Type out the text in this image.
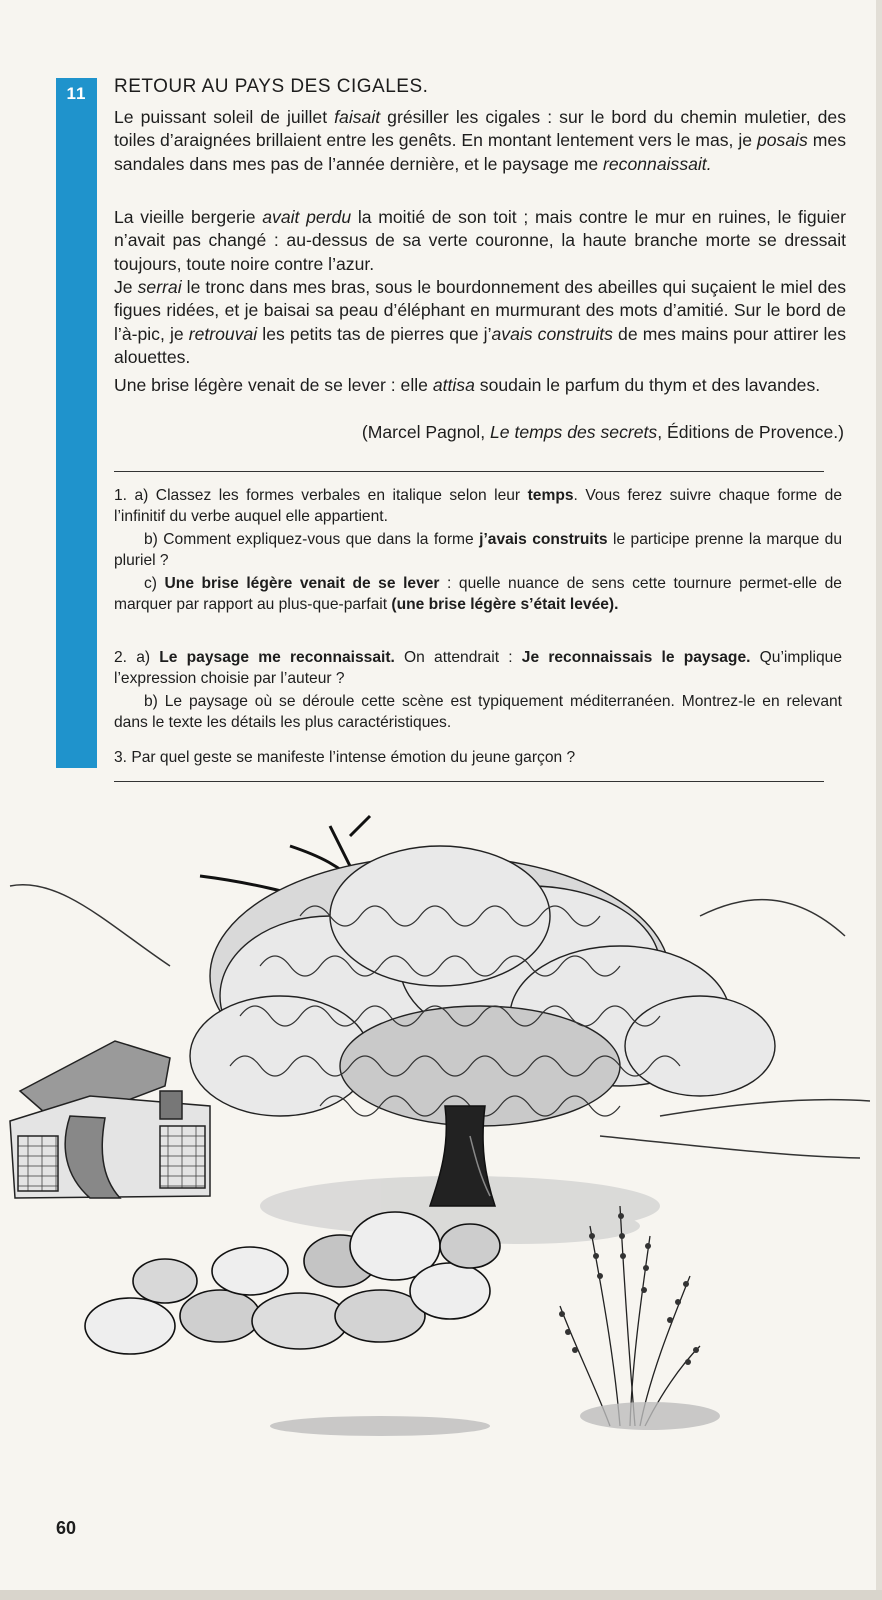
11	RETOUR AU PAYS DES CIGALES.
Le puissant soleil de juillet faisait grésiller les cigales : sur le bord du chemin muletier, des toiles d’araignées brillaient entre les genêts. En montant lentement vers le mas, je posais mes sandales dans mes pas de l’année dernière, et le paysage me reconnaissait.
La vieille bergerie avait perdu la moitié de son toit ; mais contre le mur en ruines, le figuier n’avait pas changé : au-dessus de sa verte couronne, la haute branche morte se dressait toujours, toute noire contre l’azur.
Je serrai le tronc dans mes bras, sous le bourdonnement des abeilles qui suçaient le miel des figues ridées, et je baisai sa peau d’éléphant en murmurant des mots d’amitié. Sur le bord de l’à-pic, je retrouvai les petits tas de pierres que j’avais construits de mes mains pour attirer les alouettes.
Une brise légère venait de se lever : elle attisa soudain le parfum du thym et des lavandes.
(Marcel Pagnol, Le temps des secrets, Éditions de Provence.)
1. a) Classez les formes verbales en italique selon leur temps. Vous ferez suivre chaque forme de l’infinitif du verbe auquel elle appartient.
b) Comment expliquez-vous que dans la forme j’avais construits le participe prenne la marque du pluriel ?
c) Une brise légère venait de se lever : quelle nuance de sens cette tournure permet-elle de marquer par rapport au plus-que-parfait (une brise légère s’était levée).
2. a) Le paysage me reconnaissait. On attendrait : Je reconnaissais le paysage. Qu’implique l’expression choisie par l’auteur ?
b) Le paysage où se déroule cette scène est typiquement méditerranéen. Montrez-le en relevant dans le texte les détails les plus caractéristiques.
3. Par quel geste se manifeste l’intense émotion du jeune garçon ?
60
